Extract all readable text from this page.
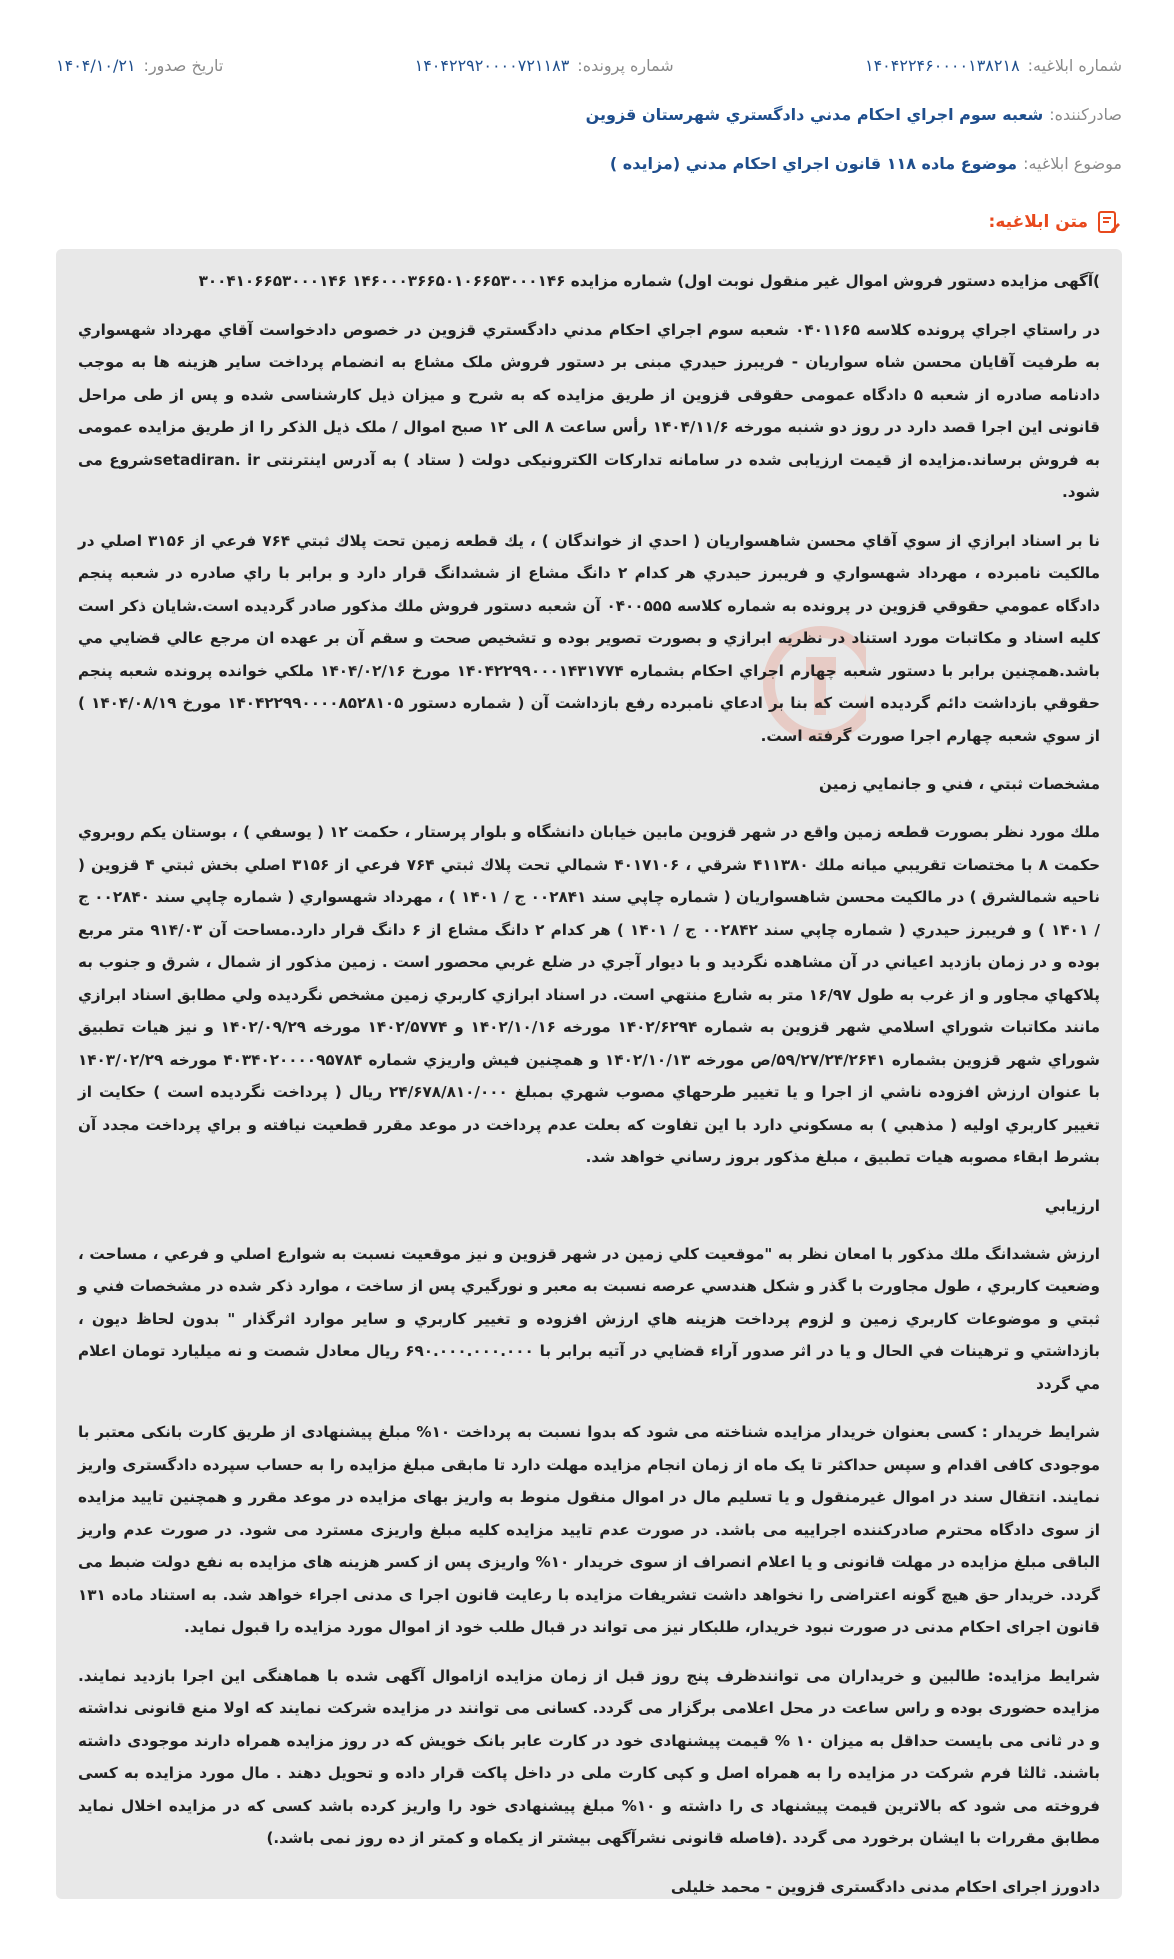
شماره ابلاغیه:
۱۴۰۴۲۲۴۶۰۰۰۰۱۳۸۲۱۸
شماره پرونده:
۱۴۰۴۲۲۹۲۰۰۰۰۷۲۱۱۸۳
تاریخ صدور:
۱۴۰۴/۱۰/۲۱
صادرکننده:
شعبه سوم اجراي احکام مدني دادگستري شهرستان قزوين
موضوع ابلاغیه:
موضوع ماده ۱۱۸ قانون اجراي احکام مدني (مزايده )
متن ابلاغیه:
)آگهی مزایده دستور فروش اموال غیر منقول نوبت اول) شماره مزایده ۱۴۶۰۰۰۳۶۶۵۰۱۰۶۶۵۳۰۰۰۱۴۶ ۳۰۰۴۱۰۶۶۵۳۰۰۰۱۴۶
در راستاي اجراي پرونده کلاسه ۰۴۰۱۱۶۵ شعبه سوم اجراي احکام مدني دادگستري قزوين در خصوص دادخواست آقاي مهرداد شهسواري به طرفيت آقايان محسن شاه سواريان - فريبرز حيدري مبنی بر دستور فروش ملک مشاع به انضمام پرداخت سایر هزینه ها به موجب دادنامه صادره از شعبه ۵ دادگاه عمومی حقوقی قزوین از طریق مزایده که به شرح و میزان ذیل کارشناسی شده و پس از طی مراحل قانونی این اجرا قصد دارد در روز دو شنبه مورخه ۱۴۰۴/۱۱/۶ رأس ساعت ۸ الی ۱۲ صبح اموال / ملک ذیل الذکر را از طریق مزایده عمومی به فروش برساند.مزایده از قیمت ارزیابی شده در سامانه تدارکات الکترونیکی دولت ( ستاد ) به آدرس اینترنتی setadiran. irشروع می شود.
نا بر اسناد ابرازي از سوي آقاي محسن شاهسواريان ( احدي از خواندگان ) ، يك قطعه زمين تحت پلاك ثبتي ۷۶۴ فرعي از ۳۱۵۶ اصلي در مالكيت نامبرده ، مهرداد شهسواري و فريبرز حيدري هر كدام ۲ دانگ مشاع از ششدانگ قرار دارد و برابر با راي صادره در شعبه پنجم دادگاه عمومي حقوقي قزوين در پرونده به شماره كلاسه ۰۴۰۰۵۵۵ آن شعبه دستور فروش ملك مذكور صادر گرديده است.شايان ذكر است كليه اسناد و مكاتبات مورد استناد در نظريه ابرازي و بصورت تصوير بوده و تشخيص صحت و سقم آن بر عهده ان مرجع عالي قضايي مي باشد.همچنين برابر با دستور شعبه چهارم اجراي احكام بشماره ۱۴۰۴۲۲۹۹۰۰۰۱۴۳۱۷۷۴ مورخ ۱۴۰۴/۰۲/۱۶ ملكي خوانده پرونده شعبه پنجم حقوقي بازداشت دائم گرديده است كه بنا بر ادعاي نامبرده رفع بازداشت آن ( شماره دستور ۱۴۰۴۲۲۹۹۰۰۰۰۸۵۲۸۱۰۵ مورخ ۱۴۰۴/۰۸/۱۹ ) از سوي شعبه چهارم اجرا صورت گرفته است.
مشخصات ثبتي ، فني و جانمايي زمين
ملك مورد نظر بصورت قطعه زمين واقع در شهر قزوين مابين خيابان دانشگاه و بلوار پرستار ، حكمت ۱۲ ( يوسفي ) ، بوستان يكم روبروي حكمت ۸ با مختصات تقريبي ميانه ملك ۴۱۱۳۸۰ شرقي ، ۴۰۱۷۱۰۶ شمالي تحت پلاك ثبتي ۷۶۴ فرعي از ۳۱۵۶ اصلي بخش ثبتي ۴ قزوين ( ناحيه شمالشرق ) در مالكيت محسن شاهسواريان ( شماره چاپي سند ۰۰۲۸۴۱ ج / ۱۴۰۱ ) ، مهرداد شهسواري ( شماره چاپي سند ۰۰۲۸۴۰ ج / ۱۴۰۱ ) و فريبرز حيدري ( شماره چاپي سند ۰۰۲۸۴۲ ج / ۱۴۰۱ ) هر كدام ۲ دانگ مشاع از ۶ دانگ قرار دارد.مساحت آن ۹۱۴/۰۳ متر مربع بوده و در زمان بازديد اعياني در آن مشاهده نگرديد و با ديوار آجري در ضلع غربي محصور است . زمين مذكور از شمال ، شرق و جنوب به پلاكهاي مجاور و از غرب به طول ۱۶/۹۷ متر به شارع منتهي است. در اسناد ابرازي كاربري زمين مشخص نگرديده ولي مطابق اسناد ابرازي مانند مكاتبات شوراي اسلامي شهر قزوين به شماره ۱۴۰۲/۶۲۹۴ مورخه ۱۴۰۲/۱۰/۱۶ و ۱۴۰۲/۵۷۷۴ مورخه ۱۴۰۲/۰۹/۲۹ و نيز هيات تطبيق شوراي شهر قزوين بشماره ۵۹/۲۷/۲۴/۲۶۴۱/ص مورخه ۱۴۰۲/۱۰/۱۳ و همچنين فيش واريزي شماره ۴۰۳۴۰۲۰۰۰۰۹۵۷۸۴ مورخه ۱۴۰۳/۰۲/۲۹ با عنوان ارزش افزوده ناشي از اجرا و يا تغيير طرحهاي مصوب شهري بمبلغ ۲۴/۶۷۸/۸۱۰/۰۰۰ ريال ( پرداخت نگرديده است ) حكايت از تغيير كاربري اوليه ( مذهبي ) به مسكوني دارد با اين تفاوت كه بعلت عدم پرداخت در موعد مقرر قطعيت نيافته و براي پرداخت مجدد آن بشرط ابقاء مصوبه هيات تطبيق ، مبلغ مذكور بروز رساني خواهد شد.
ارزيابي
ارزش ششدانگ ملك مذكور با امعان نظر به "موقعيت كلي زمين در شهر قزوين و نيز موقعيت نسبت به شوارع اصلي و فرعي ، مساحت ، وضعيت كاربري ، طول مجاورت با گذر و شكل هندسي عرصه نسبت به معبر و نورگيري پس از ساخت ، موارد ذكر شده در مشخصات فني و ثبتي و موضوعات كاربري زمين و لزوم پرداخت هزينه هاي ارزش افزوده و تغيير كاربري و ساير موارد اثرگذار " بدون لحاظ ديون ، بازداشتي و ترهينات في الحال و يا در اثر صدور آراء قضايي در آتيه برابر با ۶۹۰.۰۰۰.۰۰۰.۰۰۰ ريال معادل شصت و نه ميليارد تومان اعلام مي گردد
شرایط خریدار : کسی بعنوان خریدار مزایده شناخته می شود که بدوا نسبت به پرداخت ۱۰% مبلغ پیشنهادی از طریق کارت بانکی معتبر با موجودی کافی اقدام و سپس حداکثر تا یک ماه از زمان انجام مزایده مهلت دارد تا مابقی مبلغ مزایده را به حساب سپرده دادگستری واریز نمایند. انتقال سند در اموال غیرمنقول و یا تسلیم مال در اموال منقول منوط به واریز بهای مزایده در موعد مقرر و همچنین تایید مزایده از سوی دادگاه محترم صادرکننده اجراییه می باشد. در صورت عدم تایید مزایده کلیه مبلغ واریزی مسترد می شود. در صورت عدم واریز الباقی مبلغ مزایده در مهلت قانونی و یا اعلام انصراف از سوی خریدار ۱۰% واریزی پس از کسر هزینه های مزایده به نفع دولت ضبط می گردد. خریدار حق هیچ گونه اعتراضی را نخواهد داشت تشریفات مزایده با رعایت قانون اجرا ی مدنی اجراء خواهد شد. به استناد ماده ۱۳۱ قانون اجرای احکام مدنی در صورت نبود خریدار، طلبکار نیز می تواند در قبال طلب خود از اموال مورد مزایده را قبول نماید.
شرایط مزایده: طالبین و خریداران می توانندظرف پنج روز قبل از زمان مزایده ازاموال آگهی شده با هماهنگی این اجرا بازدید نمایند. مزایده حضوری بوده و راس ساعت در محل اعلامی برگزار می گردد. کسانی می توانند در مزایده شرکت نمایند که اولا منع قانونی نداشته و در ثانی می بایست حداقل به میزان ۱۰ % قیمت پیشنهادی خود در کارت عابر بانک خویش که در روز مزایده همراه دارند موجودی داشته باشند. ثالثا فرم شرکت در مزایده را به همراه اصل و کپی کارت ملی در داخل پاکت قرار داده و تحویل دهند . مال مورد مزایده به کسی فروخته می شود که بالاترین قیمت پیشنهاد ی را داشته و ۱۰% مبلغ پیشنهادی خود را واریز کرده باشد کسی که در مزایده اخلال نماید مطابق مقررات با ایشان برخورد می گردد .(فاصله قانونی نشرآگهی بیشتر از یکماه و کمتر از ده روز نمی باشد.)
دادورز اجرای احکام مدنی دادگستری قزوین - محمد خلیلی
